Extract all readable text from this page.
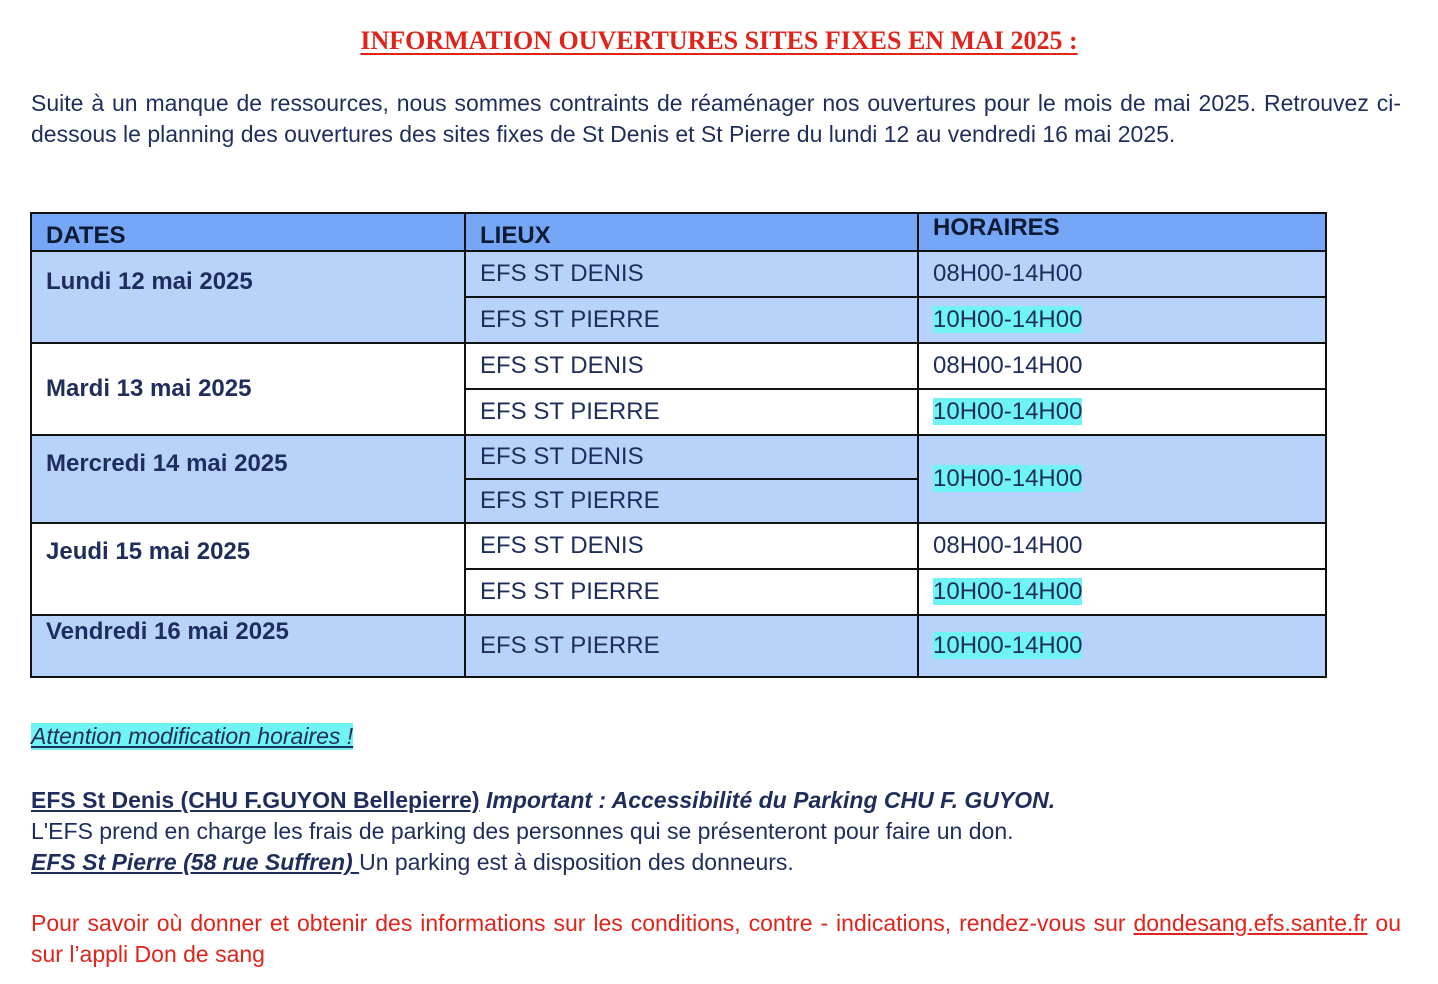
INFORMATION OUVERTURES SITES FIXES EN MAI 2025 :
Suite à un manque de ressources, nous sommes contraints de réaménager nos ouvertures pour le mois de mai 2025. Retrouvez ci-dessous le planning des ouvertures des sites fixes de St Denis et St Pierre du lundi 12 au vendredi 16 mai 2025.
DATES	LIEUX	HORAIRES
Lundi 12 mai 2025	EFS ST DENIS	08H00-14H00
	EFS ST PIERRE	10H00-14H00
Mardi 13 mai 2025	EFS ST DENIS	08H00-14H00
	EFS ST PIERRE	10H00-14H00
Mercredi 14 mai 2025	EFS ST DENIS	10H00-14H00
	EFS ST PIERRE	
Jeudi 15 mai 2025	EFS ST DENIS	08H00-14H00
	EFS ST PIERRE	10H00-14H00
Vendredi 16 mai 2025	EFS ST PIERRE	10H00-14H00
Attention modification horaires !
EFS St Denis (CHU F.GUYON Bellepierre) Important : Accessibilité du Parking CHU F. GUYON.
L'EFS prend en charge les frais de parking des personnes qui se présenteront pour faire un don.
EFS St Pierre (58 rue Suffren) Un parking est à disposition des donneurs.
Pour savoir où donner et obtenir des informations sur les conditions, contre - indications, rendez-vous sur dondesang.efs.sante.fr ou sur l’appli Don de sang
